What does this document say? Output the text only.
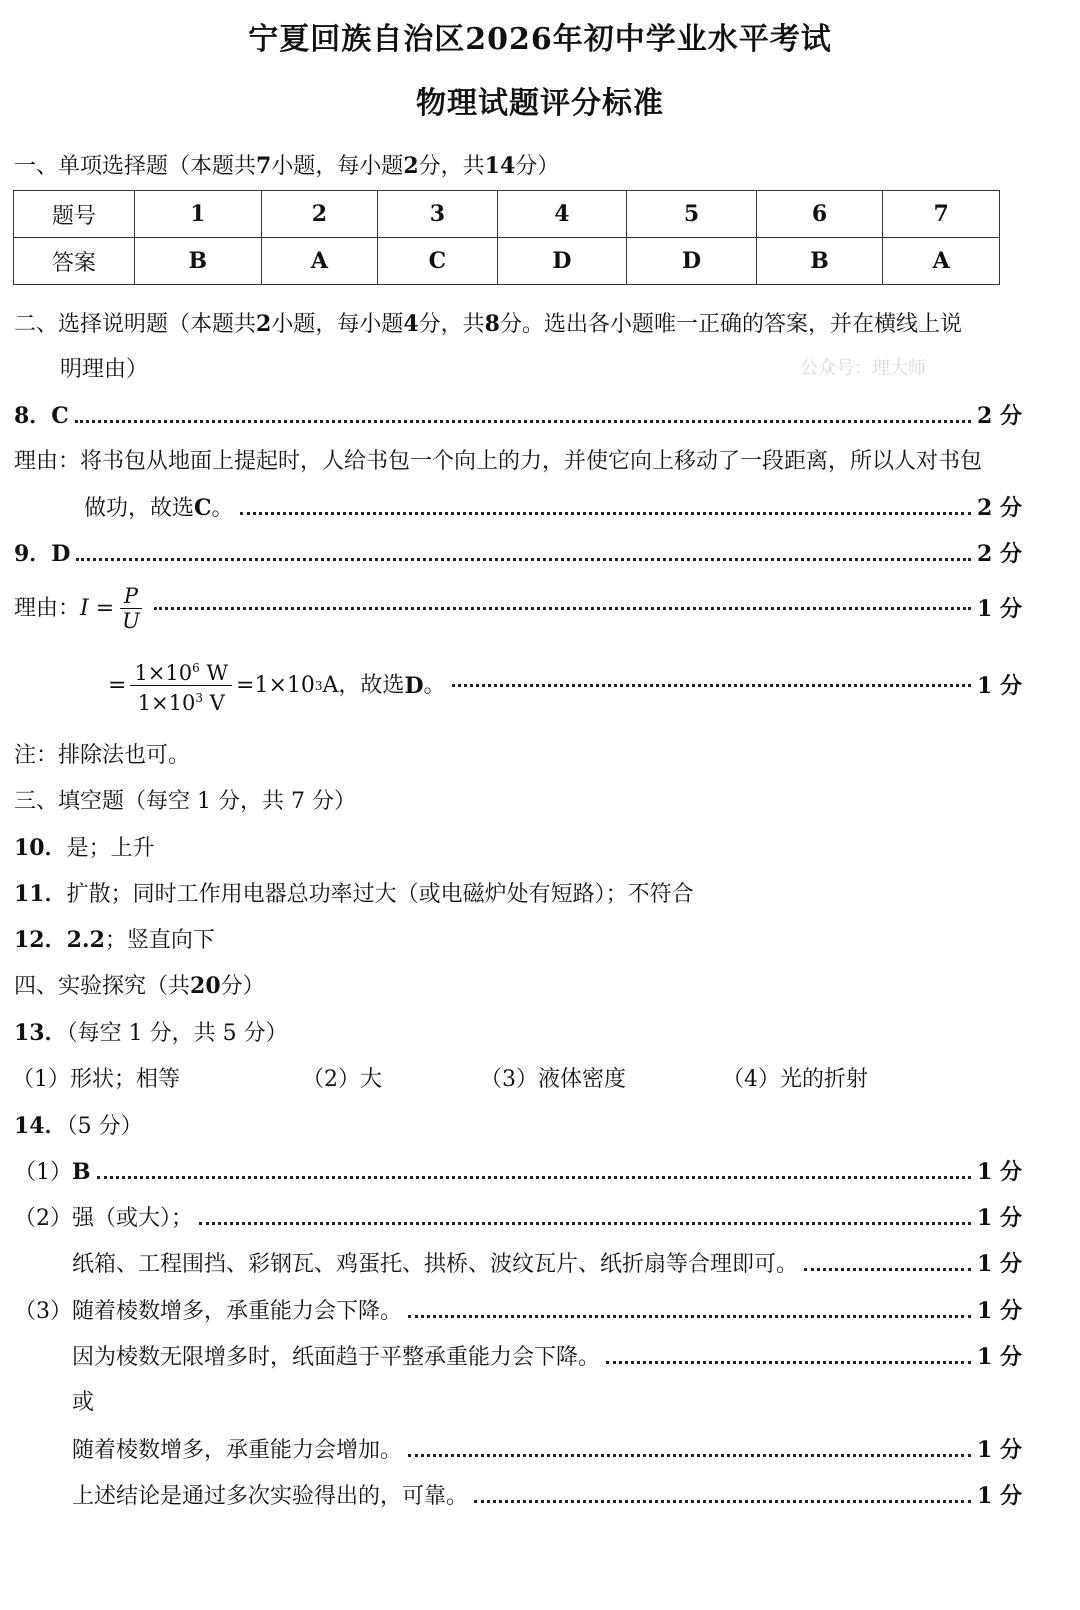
宁夏回族自治区2026年初中学业水平考试
物理试题评分标准
一、单项选择题（本题共7小题，每小题2分，共14分）
题号	1	2	3	4	5	6	7
答案	B	A	C	D	D	B	A
二、选择说明题（本题共2小题，每小题4分，共8分。选出各小题唯一正确的答案，并在横线上说
明理由）	公众号：理大师
8．C	2 分
理由：将书包从地面上提起时，人给书包一个向上的力，并使它向上移动了一段距离，所以人对书包
做功，故选 C 。	2 分
9．D	2 分
理由： $I = \frac{P}{U}$	1 分
= $\frac{1\times 10^6 W}{1\times 10^3 V} =1\times 10$ 3 A， 故选 D 。	1 分
注：排除法也可。
三、填空题（每空 1 分，共 7 分）
10．是；上升
11．扩散；同时工作用电器总功率过大（或电磁炉处有短路）；不符合
12．2.2；竖直向下
四、实验探究（共20分）
13．（每空 1 分，共 5 分）
（1）形状；相等	（2）大	（3）液体密度	（4）光的折射
14．（5 分）
（1） B	1 分
（2）强（或大）；	1 分
纸箱、工程围挡、彩钢瓦、鸡蛋托、拱桥、波纹瓦片、纸折扇等合理即可。	1 分
（3）随着棱数增多，承重能力会下降。	1 分
因为棱数无限增多时，纸面趋于平整承重能力会下降。	1 分
或
随着棱数增多，承重能力会增加。	1 分
上述结论是通过多次实验得出的，可靠。	1 分
